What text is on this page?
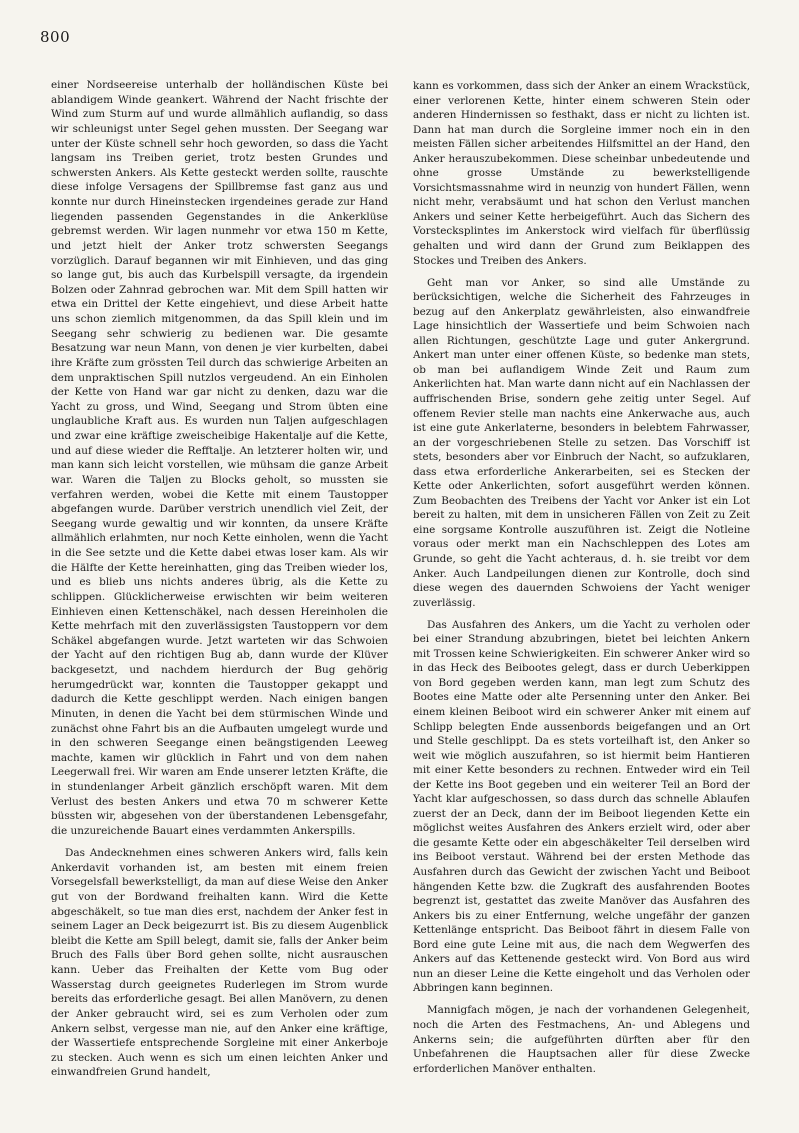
800

einer Nordseereise unterhalb der holländischen Küste bei ablandigem Winde geankert. Während der Nacht frischte der Wind zum Sturm auf und wurde allmählich auflandig, so dass wir schleunigst unter Segel gehen mussten. Der Seegang war unter der Küste schnell sehr hoch geworden, so dass die Yacht langsam ins Treiben geriet, trotz besten Grundes und schwersten Ankers. Als Kette gesteckt werden sollte, rauschte diese infolge Versagens der Spillbremse fast ganz aus und konnte nur durch Hineinstecken irgendeines gerade zur Hand liegenden passenden Gegenstandes in die Ankerklüse gebremst werden. Wir lagen nunmehr vor etwa 150 m Kette, und jetzt hielt der Anker trotz schwersten Seegangs vorzüglich. Darauf begannen wir mit Einhieven, und das ging so lange gut, bis auch das Kurbelspill versagte, da irgendein Bolzen oder Zahnrad gebrochen war. Mit dem Spill hatten wir etwa ein Drittel der Kette eingehievt, und diese Arbeit hatte uns schon ziemlich mitgenommen, da das Spill klein und im Seegang sehr schwierig zu bedienen war. Die gesamte Besatzung war neun Mann, von denen je vier kurbelten, dabei ihre Kräfte zum grössten Teil durch das schwierige Arbeiten an dem unpraktischen Spill nutzlos vergeudend. An ein Einholen der Kette von Hand war gar nicht zu denken, dazu war die Yacht zu gross, und Wind, Seegang und Strom übten eine unglaubliche Kraft aus. Es wurden nun Taljen aufgeschlagen und zwar eine kräftige zweischeibige Hakentalje auf die Kette, und auf diese wieder die Refftalje. An letzterer holten wir, und man kann sich leicht vorstellen, wie mühsam die ganze Arbeit war. Waren die Taljen zu Blocks geholt, so mussten sie verfahren werden, wobei die Kette mit einem Taustopper abgefangen wurde. Darüber verstrich unendlich viel Zeit, der Seegang wurde gewaltig und wir konnten, da unsere Kräfte allmählich erlahmten, nur noch Kette einholen, wenn die Yacht in die See setzte und die Kette dabei etwas loser kam. Als wir die Hälfte der Kette hereinhatten, ging das Treiben wieder los, und es blieb uns nichts anderes übrig, als die Kette zu schlippen. Glücklicherweise erwischten wir beim weiteren Einhieven einen Kettenschäkel, nach dessen Hereinholen die Kette mehrfach mit den zuverlässigsten Taustoppern vor dem Schäkel abgefangen wurde. Jetzt warteten wir das Schwoien der Yacht auf den richtigen Bug ab, dann wurde der Klüver backgesetzt, und nachdem hierdurch der Bug gehörig herumgedrückt war, konnten die Taustopper gekappt und dadurch die Kette geschlippt werden. Nach einigen bangen Minuten, in denen die Yacht bei dem stürmischen Winde und zunächst ohne Fahrt bis an die Aufbauten umgelegt wurde und in den schweren Seegange einen beängstigenden Leeweg machte, kamen wir glücklich in Fahrt und von dem nahen Leegerwall frei. Wir waren am Ende unserer letzten Kräfte, die in stundenlanger Arbeit gänzlich erschöpft waren. Mit dem Verlust des besten Ankers und etwa 70 m schwerer Kette büssten wir, abgesehen von der überstandenen Lebensgefahr, die unzureichende Bauart eines verdammten Ankerspills.

Das Andecknehmen eines schweren Ankers wird, falls kein Ankerdavit vorhanden ist, am besten mit einem freien Vorsegelsfall bewerkstelligt, da man auf diese Weise den Anker gut von der Bordwand freihalten kann. Wird die Kette abgeschäkelt, so tue man dies erst, nachdem der Anker fest in seinem Lager an Deck beigezurrt ist. Bis zu diesem Augenblick bleibt die Kette am Spill belegt, damit sie, falls der Anker beim Bruch des Falls über Bord gehen sollte, nicht ausrauschen kann. Ueber das Freihalten der Kette vom Bug oder Wasserstag durch geeignetes Ruderlegen im Strom wurde bereits das erforderliche gesagt. Bei allen Manövern, zu denen der Anker gebraucht wird, sei es zum Verholen oder zum Ankern selbst, vergesse man nie, auf den Anker eine kräftige, der Wassertiefe entsprechende Sorgleine mit einer Ankerboje zu stecken. Auch wenn es sich um einen leichten Anker und einwandfreien Grund handelt,

kann es vorkommen, dass sich der Anker an einem Wrackstück, einer verlorenen Kette, hinter einem schweren Stein oder anderen Hindernissen so festhakt, dass er nicht zu lichten ist. Dann hat man durch die Sorgleine immer noch ein in den meisten Fällen sicher arbeitendes Hilfsmittel an der Hand, den Anker herauszubekommen. Diese scheinbar unbedeutende und ohne grosse Umstände zu bewerkstelligende Vorsichtsmassnahme wird in neunzig von hundert Fällen, wenn nicht mehr, verabsäumt und hat schon den Verlust manchen Ankers und seiner Kette herbeigeführt. Auch das Sichern des Vorstecksplintes im Ankerstock wird vielfach für überflüssig gehalten und wird dann der Grund zum Beiklappen des Stockes und Treiben des Ankers.

Geht man vor Anker, so sind alle Umstände zu berücksichtigen, welche die Sicherheit des Fahrzeuges in bezug auf den Ankerplatz gewährleisten, also einwandfreie Lage hinsichtlich der Wassertiefe und beim Schwoien nach allen Richtungen, geschützte Lage und guter Ankergrund. Ankert man unter einer offenen Küste, so bedenke man stets, ob man bei auflandigem Winde Zeit und Raum zum Ankerlichten hat. Man warte dann nicht auf ein Nachlassen der auffrischenden Brise, sondern gehe zeitig unter Segel. Auf offenem Revier stelle man nachts eine Ankerwache aus, auch ist eine gute Ankerlaterne, besonders in belebtem Fahrwasser, an der vorgeschriebenen Stelle zu setzen. Das Vorschiff ist stets, besonders aber vor Einbruch der Nacht, so aufzuklaren, dass etwa erforderliche Ankerarbeiten, sei es Stecken der Kette oder Ankerlichten, sofort ausgeführt werden können. Zum Beobachten des Treibens der Yacht vor Anker ist ein Lot bereit zu halten, mit dem in unsicheren Fällen von Zeit zu Zeit eine sorgsame Kontrolle auszuführen ist. Zeigt die Notleine voraus oder merkt man ein Nachschleppen des Lotes am Grunde, so geht die Yacht achteraus, d. h. sie treibt vor dem Anker. Auch Landpeilungen dienen zur Kontrolle, doch sind diese wegen des dauernden Schwoiens der Yacht weniger zuverlässig.

Das Ausfahren des Ankers, um die Yacht zu verholen oder bei einer Strandung abzubringen, bietet bei leichten Ankern mit Trossen keine Schwierigkeiten. Ein schwerer Anker wird so in das Heck des Beibootes gelegt, dass er durch Ueberkippen von Bord gegeben werden kann, man legt zum Schutz des Bootes eine Matte oder alte Persenning unter den Anker. Bei einem kleinen Beiboot wird ein schwerer Anker mit einem auf Schlipp belegten Ende aussenbords beigefangen und an Ort und Stelle geschlippt. Da es stets vorteilhaft ist, den Anker so weit wie möglich auszufahren, so ist hiermit beim Hantieren mit einer Kette besonders zu rechnen. Entweder wird ein Teil der Kette ins Boot gegeben und ein weiterer Teil an Bord der Yacht klar aufgeschossen, so dass durch das schnelle Ablaufen zuerst der an Deck, dann der im Beiboot liegenden Kette ein möglichst weites Ausfahren des Ankers erzielt wird, oder aber die gesamte Kette oder ein abgeschäkelter Teil derselben wird ins Beiboot verstaut. Während bei der ersten Methode das Ausfahren durch das Gewicht der zwischen Yacht und Beiboot hängenden Kette bzw. die Zugkraft des ausfahrenden Bootes begrenzt ist, gestattet das zweite Manöver das Ausfahren des Ankers bis zu einer Entfernung, welche ungefähr der ganzen Kettenlänge entspricht. Das Beiboot fährt in diesem Falle von Bord eine gute Leine mit aus, die nach dem Wegwerfen des Ankers auf das Kettenende gesteckt wird. Von Bord aus wird nun an dieser Leine die Kette eingeholt und das Verholen oder Abbringen kann beginnen.

Mannigfach mögen, je nach der vorhandenen Gelegenheit, noch die Arten des Festmachens, An- und Ablegens und Ankerns sein; die aufgeführten dürften aber für den Unbefahrenen die Hauptsachen aller für diese Zwecke erforderlichen Manöver enthalten.
